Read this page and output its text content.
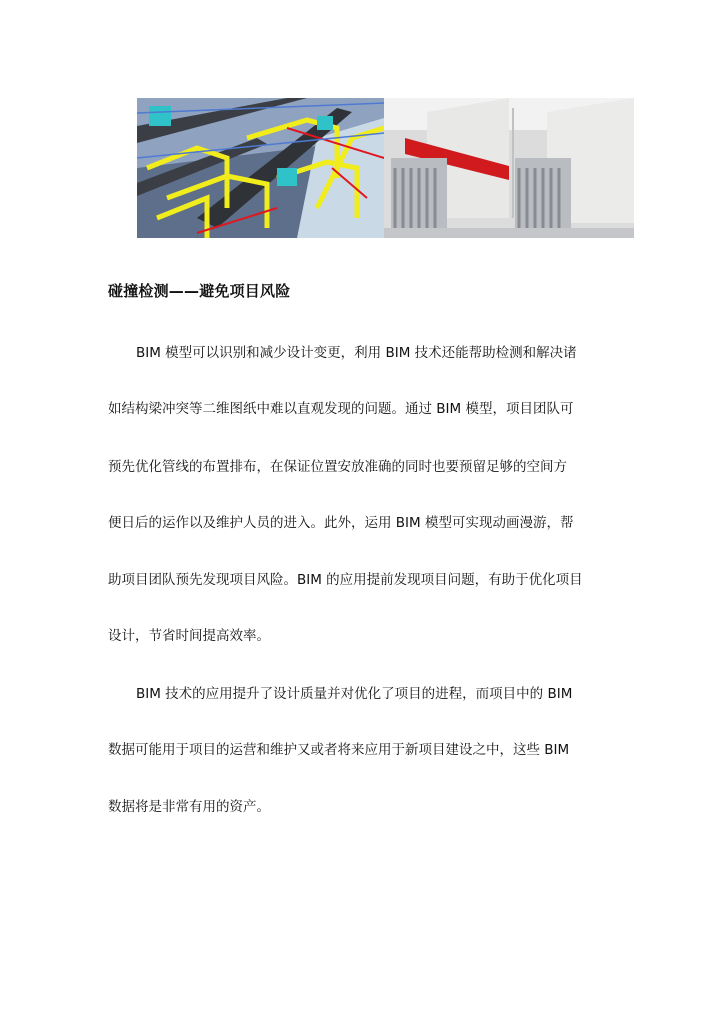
碰撞检测——避免项目风险
BIM 模型可以识别和减少设计变更，利用 BIM 技术还能帮助检测和解决诸
如结构梁冲突等二维图纸中难以直观发现的问题。通过 BIM 模型，项目团队可
预先优化管线的布置排布，在保证位置安放准确的同时也要预留足够的空间方
便日后的运作以及维护人员的进入。此外，运用 BIM 模型可实现动画漫游，帮
助项目团队预先发现项目风险。BIM 的应用提前发现项目问题，有助于优化项目
设计，节省时间提高效率。
BIM 技术的应用提升了设计质量并对优化了项目的进程，而项目中的 BIM
数据可能用于项目的运营和维护又或者将来应用于新项目建设之中，这些 BIM
数据将是非常有用的资产。
